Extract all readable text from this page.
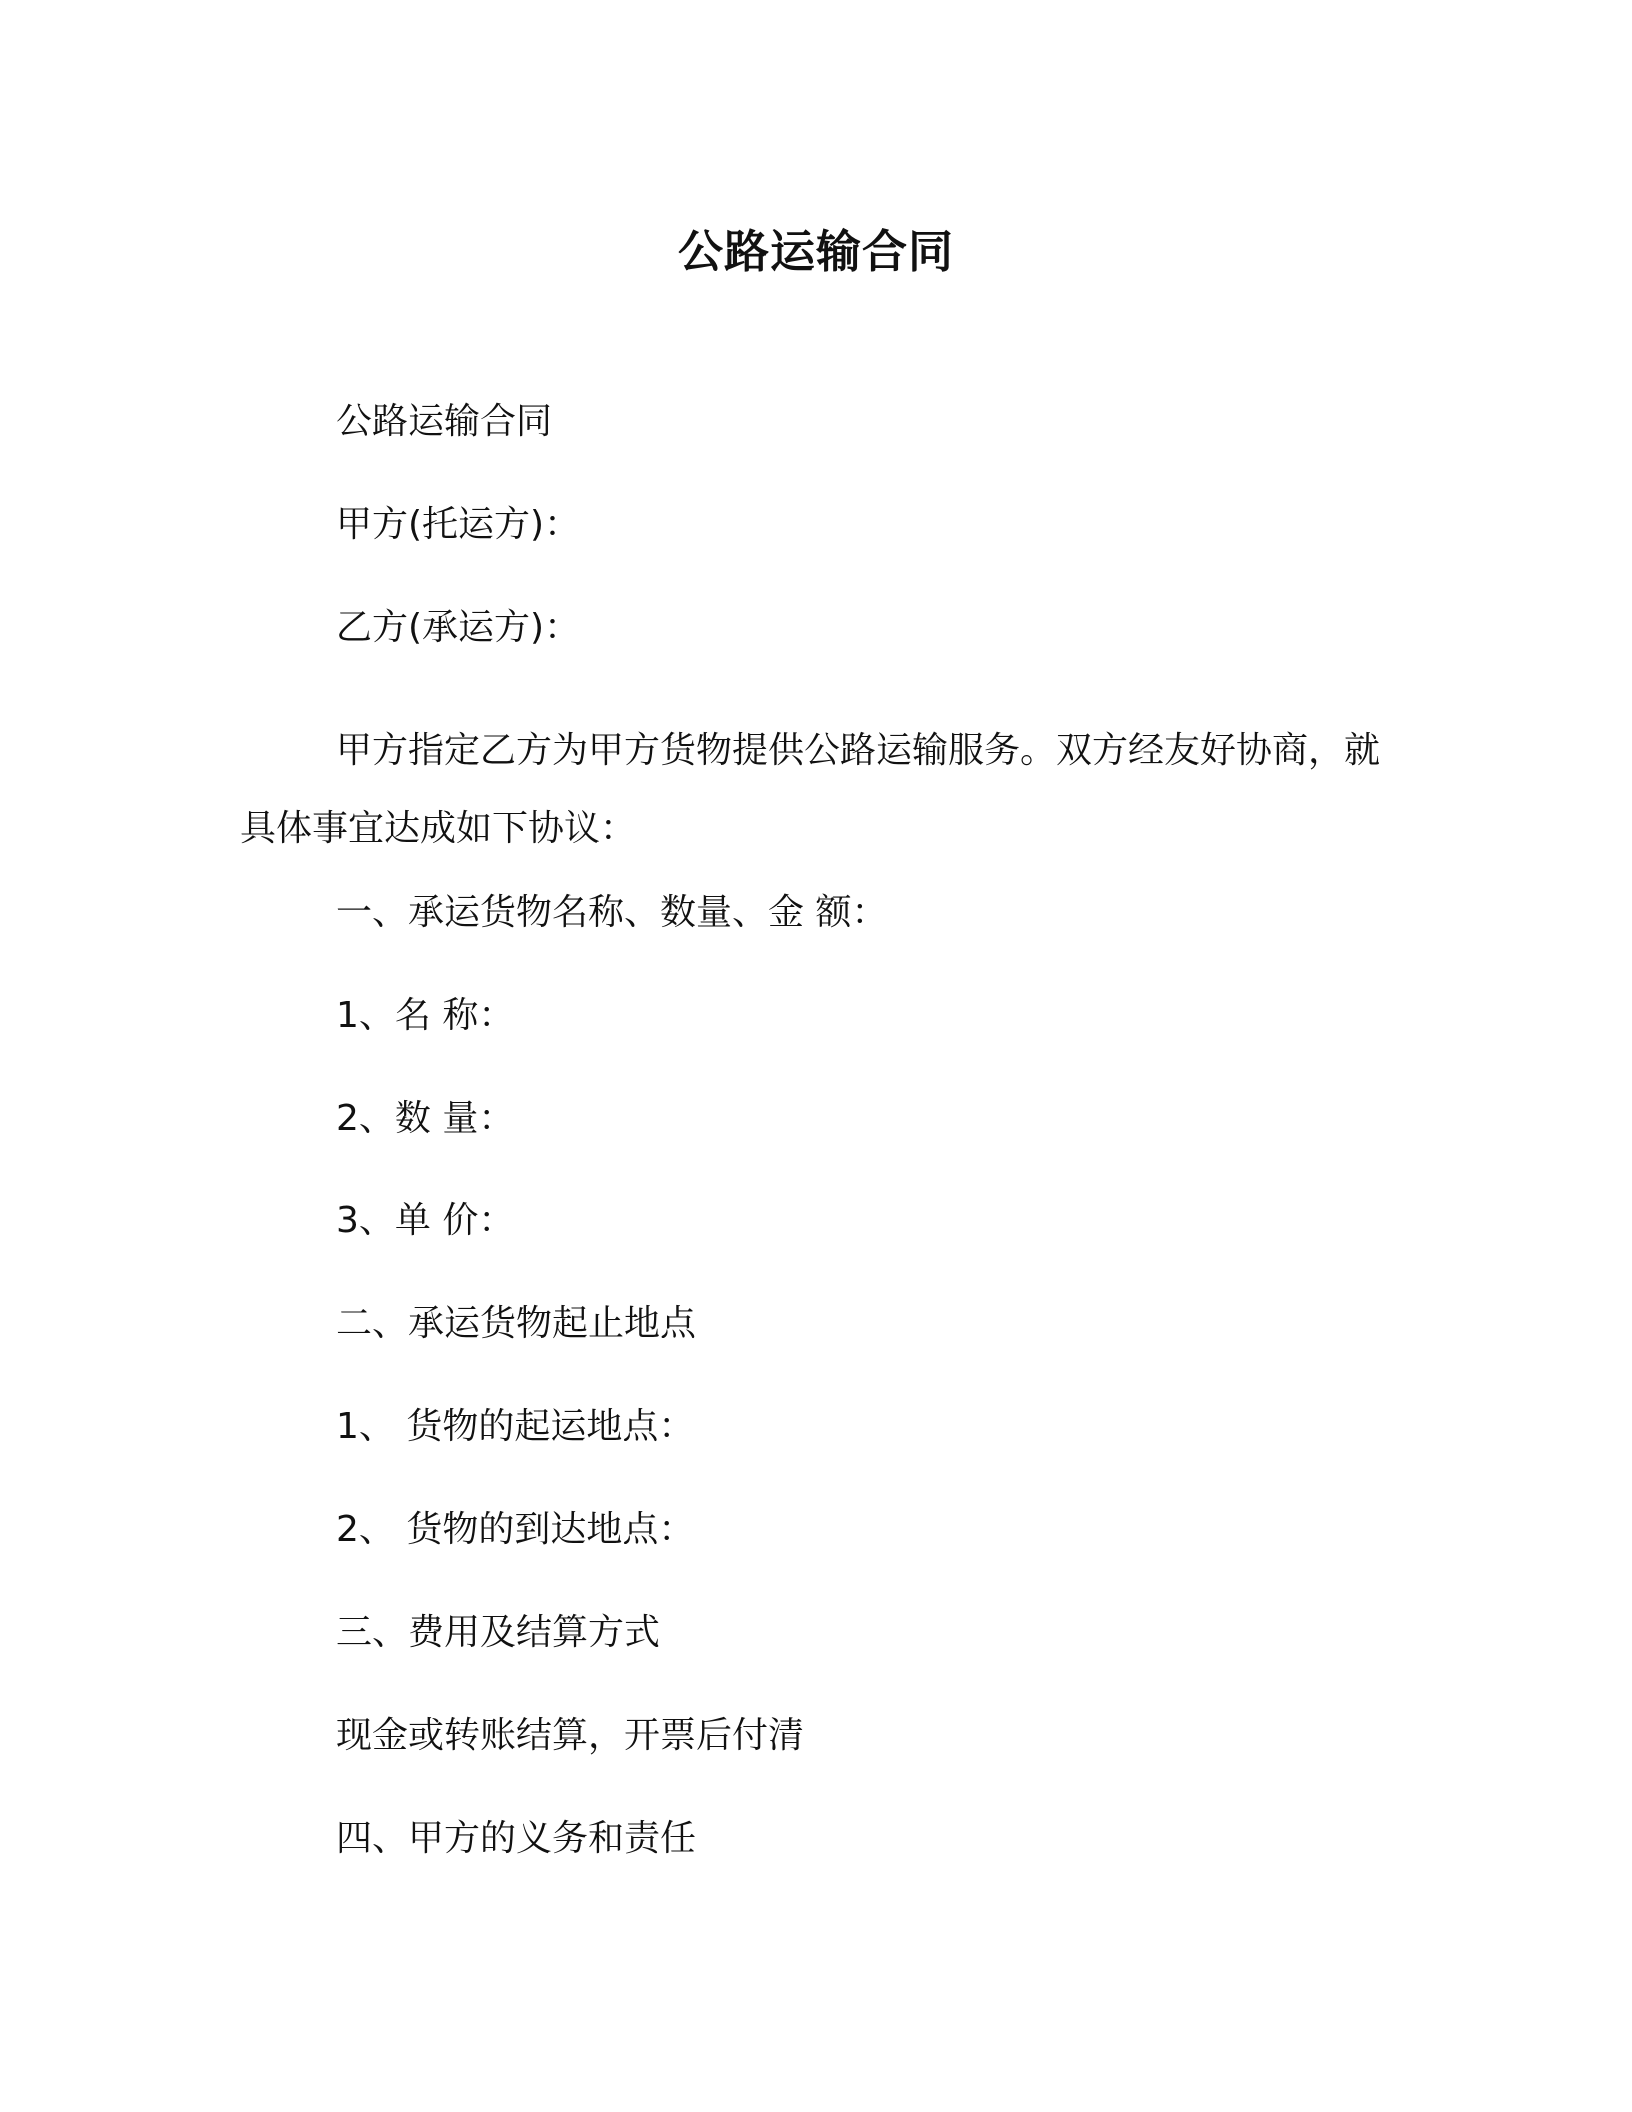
公路运输合同

公路运输合同

甲方(托运方)：

乙方(承运方)：

甲方指定乙方为甲方货物提供公路运输服务。双方经友好协商，就具体事宜达成如下协议：

一、承运货物名称、数量、金 额：

1、名 称：

2、数 量：

3、单 价：

二、承运货物起止地点

1、 货物的起运地点：

2、 货物的到达地点：

三、费用及结算方式

现金或转账结算，开票后付清

四、甲方的义务和责任
